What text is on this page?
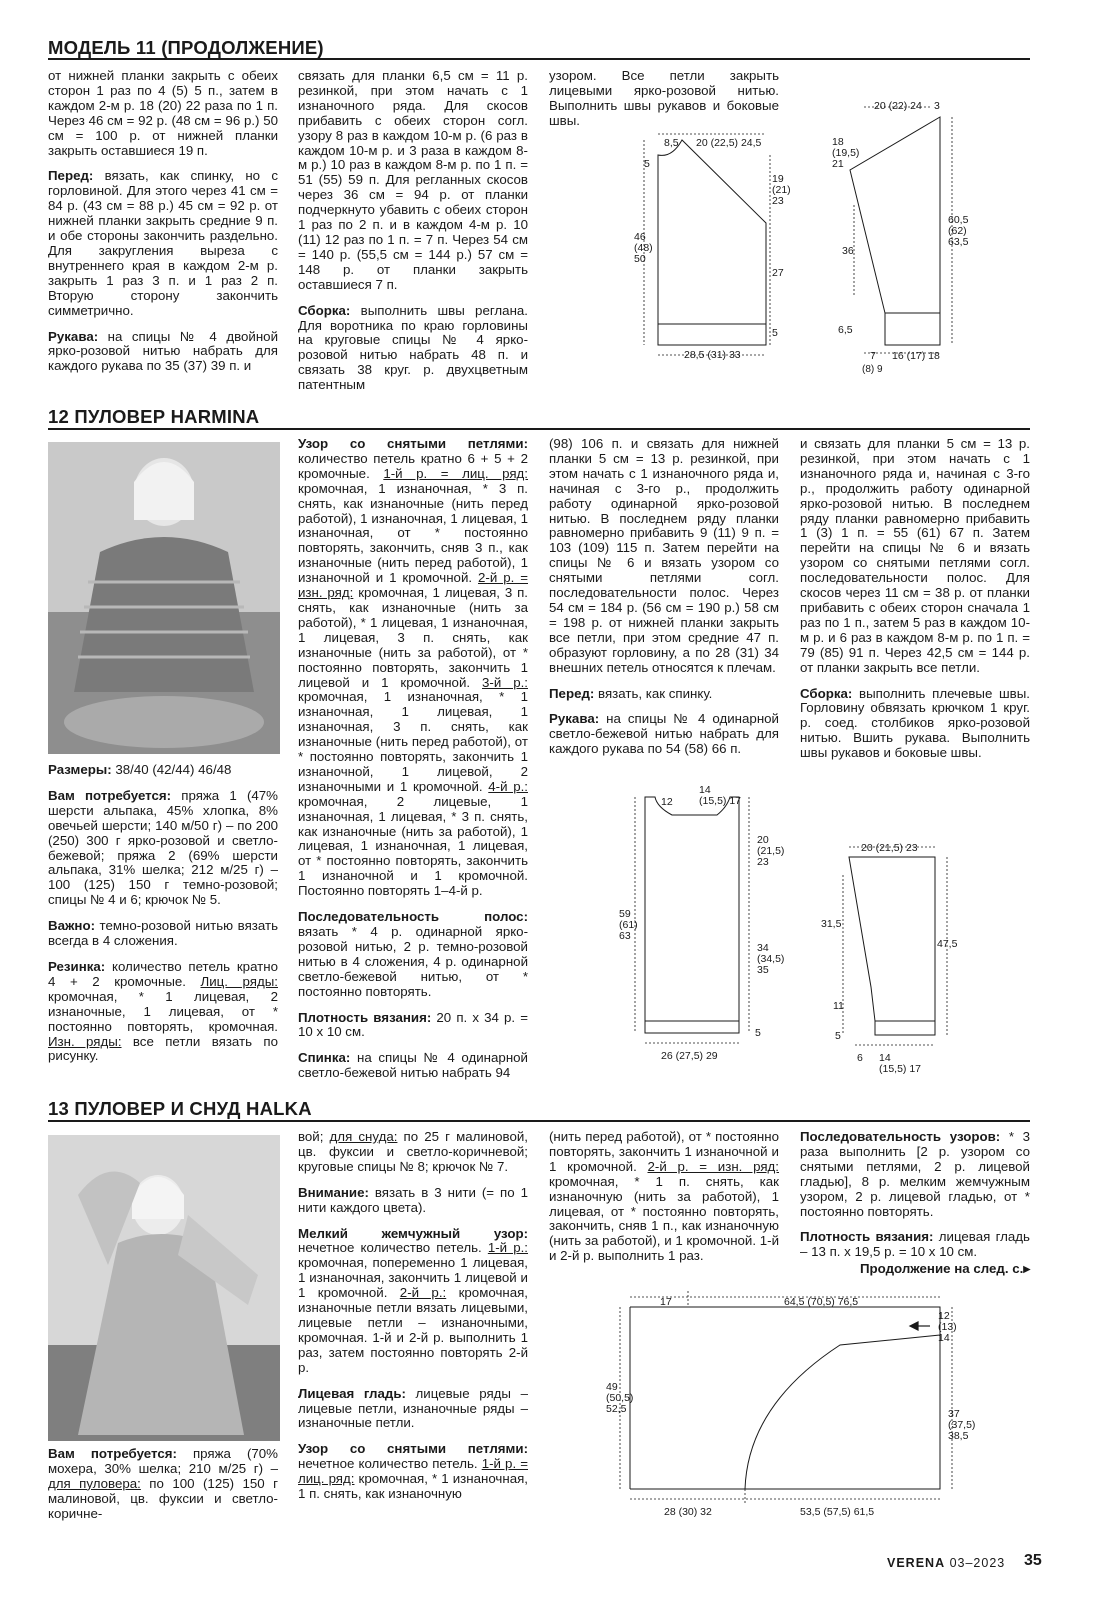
МОДЕЛЬ 11 (ПРОДОЛЖЕНИЕ)

от нижней планки закрыть с обеих сторон 1 раз по 4 (5) 5 п., затем в каждом 2-м р. 18 (20) 22 раза по 1 п. Через 46 см = 92 р. (48 см = 96 р.) 50 см = 100 р. от нижней планки закрыть оставшиеся 19 п.

Перед: вязать, как спинку, но с горловиной. Для этого через 41 см = 84 р. (43 см = 88 р.) 45 см = 92 р. от нижней планки закрыть средние 9 п. и обе стороны закончить раздельно. Для закругления выреза с внутреннего края в каждом 2-м р. закрыть 1 раз 3 п. и 1 раз 2 п. Вторую сторону закончить симметрично.

Рукава: на спицы № 4 двойной ярко-розовой нитью набрать для каждого рукава по 35 (37) 39 п. и

связать для планки 6,5 см = 11 р. резинкой, при этом начать с 1 изнаночного ряда. Для скосов прибавить с обеих сторон согл. узору 8 раз в каждом 10-м р. (6 раз в каждом 10-м р. и 3 раза в каждом 8-м р.) 10 раз в каждом 8-м р. по 1 п. = 51 (55) 59 п. Для регланных скосов через 36 см = 94 р. от планки подчеркнуто убавить с обеих сторон 1 раз по 2 п. и в каждом 4-м р. 10 (11) 12 раз по 1 п. = 7 п. Через 54 см = 140 р. (55,5 см = 144 р.) 57 см = 148 р. от планки закрыть оставшиеся 7 п.

Сборка: выполнить швы реглана. Для воротника по краю горловины на круговые спицы № 4 ярко-розовой нитью набрать 48 п. и связать 38 круг. р. двухцветным патентным

узором. Все петли закрыть лицевыми ярко-розовой нитью. Выполнить швы рукавов и боковые швы.

8,5 20 (22,5) 24,5
5
19 (21) 23
46 (48) 50
27
5
28,5 (31) 33
20 (22) 24 3
18 (19,5) 21
36
60,5 (62) 63,5
6,5
7
(8) 9
16 (17) 18
12 ПУЛОВЕР HARMINA

Размеры: 38/40 (42/44) 46/48

Вам потребуется: пряжа 1 (47% шерсти альпака, 45% хлопка, 8% овечьей шерсти; 140 м/50 г) – по 200 (250) 300 г ярко-розовой и светло-бежевой; пряжа 2 (69% шерсти альпака, 31% шелка; 212 м/25 г) – 100 (125) 150 г темно-розовой; спицы № 4 и 6; крючок № 5.

Важно: темно-розовой нитью вязать всегда в 4 сложения.

Резинка: количество петель кратно 4 + 2 кромочные. Лиц. ряды: кромочная, * 1 лицевая, 2 изнаночные, 1 лицевая, от * постоянно повторять, кромочная. Изн. ряды: все петли вязать по рисунку.

Узор со снятыми петлями: количество петель кратно 6 + 5 + 2 кромочные. 1-й р. = лиц. ряд: кромочная, 1 изнаночная, * 3 п. снять, как изнаночные (нить перед работой), 1 изнаночная, 1 лицевая, 1 изнаночная, от * постоянно повторять, закончить, сняв 3 п., как изнаночные (нить перед работой), 1 изнаночной и 1 кромочной. 2-й р. = изн. ряд: кромочная, 1 лицевая, 3 п. снять, как изнаночные (нить за работой), * 1 лицевая, 1 изнаночная, 1 лицевая, 3 п. снять, как изнаночные (нить за работой), от * постоянно повторять, закончить 1 лицевой и 1 кромочной. 3-й р.: кромочная, 1 изнаночная, * 1 изнаночная, 1 лицевая, 1 изнаночная, 3 п. снять, как изнаночные (нить перед работой), от * постоянно повторять, закончить 1 изнаночной, 1 лицевой, 2 изнаночными и 1 кромочной. 4-й р.: кромочная, 2 лицевые, 1 изнаночная, 1 лицевая, * 3 п. снять, как изнаночные (нить за работой), 1 лицевая, 1 изнаночная, 1 лицевая, от * постоянно повторять, закончить 1 изнаночной и 1 кромочной. Постоянно повторять 1–4-й р.

Последовательность полос: вязать * 4 р. одинарной ярко-розовой нитью, 2 р. темно-розовой нитью в 4 сложения, 4 р. одинарной светло-бежевой нитью, от * постоянно повторять.

Плотность вязания: 20 п. х 34 р. = 10 х 10 см.

Спинка: на спицы № 4 одинарной светло-бежевой нитью набрать 94

(98) 106 п. и связать для нижней планки 5 см = 13 р. резинкой, при этом начать с 1 изнаночного ряда и, начиная с 3-го р., продолжить работу одинарной ярко-розовой нитью. В последнем ряду планки равномерно прибавить 9 (11) 9 п. = 103 (109) 115 п. Затем перейти на спицы № 6 и вязать узором со снятыми петлями согл. последовательности полос. Через 54 см = 184 р. (56 см = 190 р.) 58 см = 198 р. от нижней планки закрыть все петли, при этом средние 47 п. образуют горловину, а по 28 (31) 34 внешних петель относятся к плечам.

Перед: вязать, как спинку.

Рукава: на спицы № 4 одинарной светло-бежевой нитью набрать для каждого рукава по 54 (58) 66 п.

и связать для планки 5 см = 13 р. резинкой, при этом начать с 1 изнаночного ряда и, начиная с 3-го р., продолжить работу одинарной ярко-розовой нитью. В последнем ряду планки равномерно прибавить 1 (3) 1 п. = 55 (61) 67 п. Затем перейти на спицы № 6 и вязать узором со снятыми петлями согл. последовательности полос. Для скосов через 11 см = 38 р. от планки прибавить с обеих сторон сначала 1 раз по 1 п., затем 5 раз в каждом 10-м р. и 6 раз в каждом 8-м р. по 1 п. = 79 (85) 91 п. Через 42,5 см = 144 р. от планки закрыть все петли.

Сборка: выполнить плечевые швы. Горловину обвязать крючком 1 круг. р. соед. столбиков ярко-розовой нитью. Вшить рукава. Выполнить швы рукавов и боковые швы.

12
14 (15,5) 17
20 (21,5) 23
59 (61) 63
34 (34,5) 35
5
26 (27,5) 29
20 (21,5) 23
31,5
47,5
11
5
6 14 (15,5) 17
13 ПУЛОВЕР И СНУД HALKA

Вам потребуется: пряжа (70% мохера, 30% шелка; 210 м/25 г) – для пуловера: по 100 (125) 150 г малиновой, цв. фуксии и светло-коричне-

вой; для снуда: по 25 г малиновой, цв. фуксии и светло-коричневой; круговые спицы № 8; крючок № 7.

Внимание: вязать в 3 нити (= по 1 нити каждого цвета).

Мелкий жемчужный узор: нечетное количество петель. 1-й р.: кромочная, попеременно 1 лицевая, 1 изнаночная, закончить 1 лицевой и 1 кромочной. 2-й р.: кромочная, изнаночные петли вязать лицевыми, лицевые петли – изнаночными, кромочная. 1-й и 2-й р. выполнить 1 раз, затем постоянно повторять 2-й р.

Лицевая гладь: лицевые ряды – лицевые петли, изнаночные ряды – изнаночные петли.

Узор со снятыми петлями: нечетное количество петель. 1-й р. = лиц. ряд: кромочная, * 1 изнаночная, 1 п. снять, как изнаночную

(нить перед работой), от * постоянно повторять, закончить 1 изнаночной и 1 кромочной. 2-й р. = изн. ряд: кромочная, * 1 п. снять, как изнаночную (нить за работой), 1 лицевая, от * постоянно повторять, закончить, сняв 1 п., как изнаночную (нить за работой), и 1 кромочной. 1-й и 2-й р. выполнить 1 раз.

Последовательность узоров: * 3 раза выполнить [2 р. узором со снятыми петлями, 2 р. лицевой гладью], 8 р. мелким жемчужным узором, 2 р. лицевой гладью, от * постоянно повторять.

Плотность вязания: лицевая гладь – 13 п. х 19,5 р. = 10 х 10 см.

Продолжение на след. с.▸
17	64,5 (70,5) 76,5
12 (13) 14
49 (50,5) 52,5	37 (37,5) 38,5
28 (30) 32	53,5 (57,5) 61,5
VERENA 03–2023 35
